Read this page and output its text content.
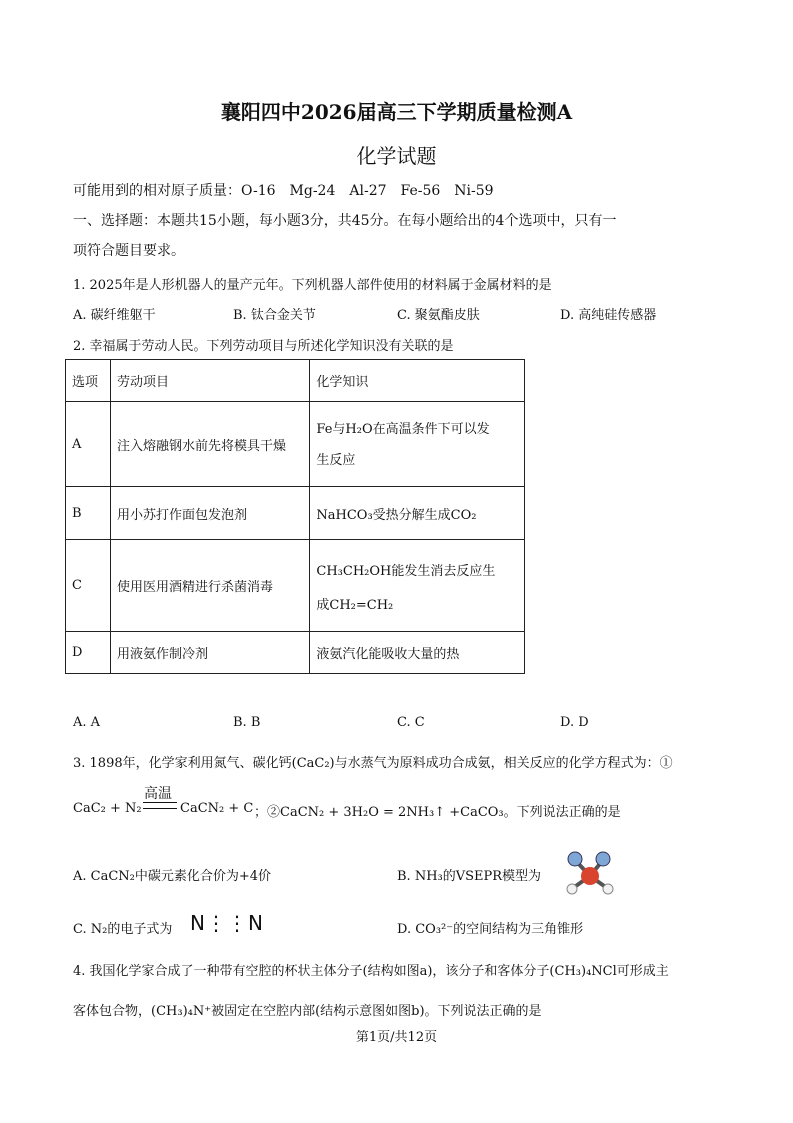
襄阳四中2026届高三下学期质量检测A
化学试题
可能用到的相对原子质量：O-16　Mg-24　Al-27　Fe-56　Ni-59
一、选择题：本题共15小题，每小题3分，共45分。在每小题给出的4个选项中，只有一
项符合题目要求。
1. 2025年是人形机器人的量产元年。下列机器人部件使用的材料属于金属材料的是
A. 碳纤维躯干	B. 钛合金关节	C. 聚氨酯皮肤	D. 高纯硅传感器
2. 幸福属于劳动人民。下列劳动项目与所述化学知识没有关联的是
选项	劳动项目	化学知识
A	注入熔融钢水前先将模具干燥	Fe与H₂O在高温条件下可以发
生反应

B	用小苏打作面包发泡剂	NaHCO₃受热分解生成CO₂

C	使用医用酒精进行杀菌消毒	CH₃CH₂OH能发生消去反应生
成CH₂=CH₂

D	用液氨作制冷剂	液氨汽化能吸收大量的热
A. A	B. B	C. C	D. D
3. 1898年，化学家利用氮气、碳化钙(CaC₂)与水蒸气为原料成功合成氨，相关反应的化学方程式为：①
CaC₂ + N₂
高温
CaCN₂ + C ；②CaCN₂ + 3H₂O = 2NH₃↑ +CaCO₃。下列说法正确的是
A. CaCN₂中碳元素化合价为+4价	B. NH₃的VSEPR模型为
C. N₂的电子式为 N⋮⋮N	D. CO₃²⁻的空间结构为三角锥形
4. 我国化学家合成了一种带有空腔的杯状主体分子(结构如图a)，该分子和客体分子(CH₃)₄NCl可形成主
客体包合物，(CH₃)₄N⁺被固定在空腔内部(结构示意图如图b)。下列说法正确的是
第1页/共12页
